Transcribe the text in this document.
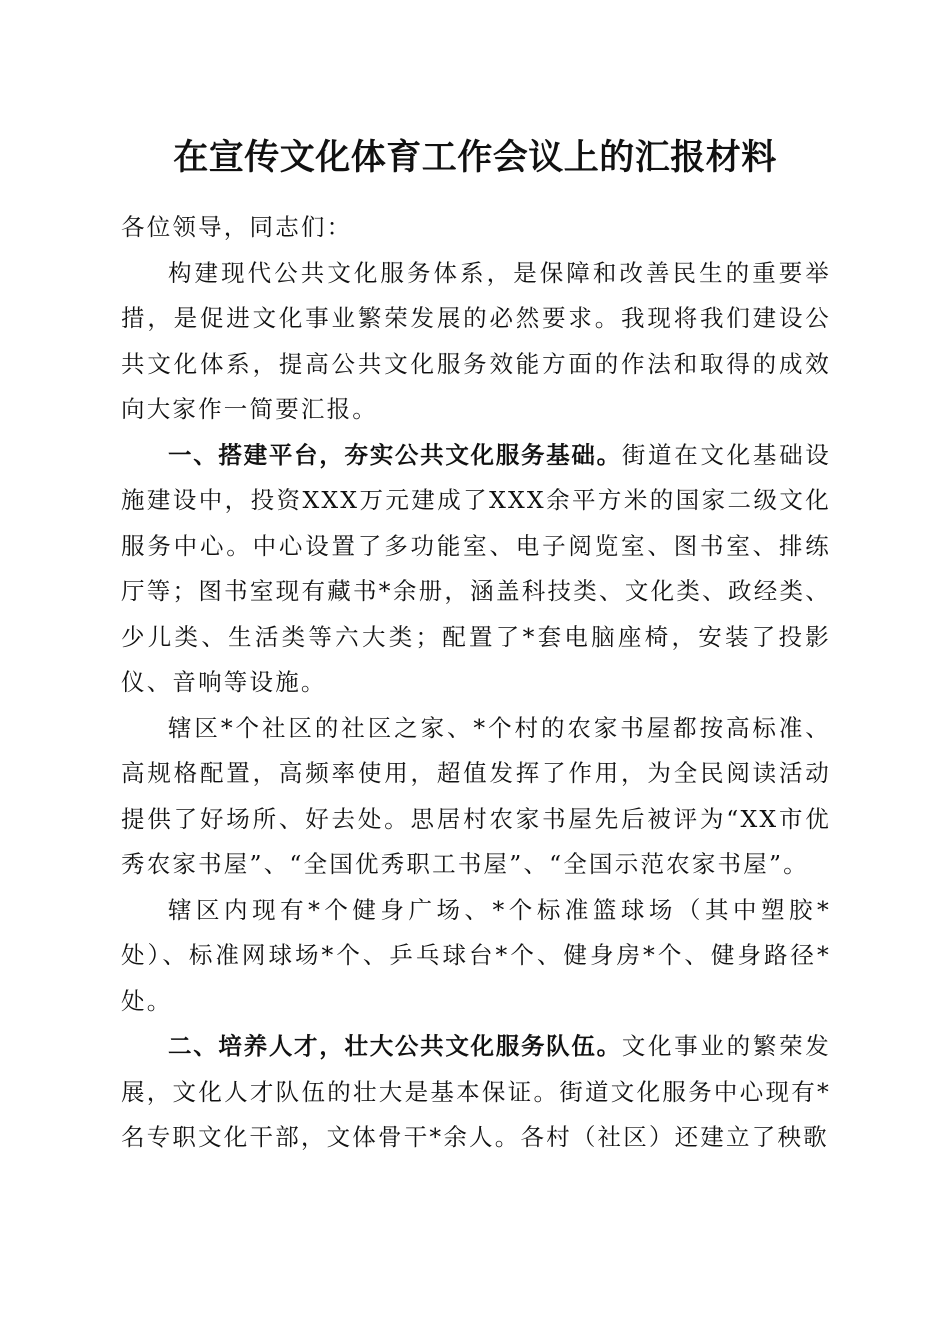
在宣传文化体育工作会议上的汇报材料

各位领导，同志们：

构建现代公共文化服务体系，是保障和改善民生的重要举措，是促进文化事业繁荣发展的必然要求。我现将我们建设公共文化体系，提高公共文化服务效能方面的作法和取得的成效向大家作一简要汇报。

一、搭建平台，夯实公共文化服务基础。街道在文化基础设施建设中，投资XXX万元建成了XXX余平方米的国家二级文化服务中心。中心设置了多功能室、电子阅览室、图书室、排练厅等；图书室现有藏书*余册，涵盖科技类、文化类、政经类、少儿类、生活类等六大类；配置了*套电脑座椅，安装了投影仪、音响等设施。

辖区*个社区的社区之家、*个村的农家书屋都按高标准、高规格配置，高频率使用，超值发挥了作用，为全民阅读活动提供了好场所、好去处。思居村农家书屋先后被评为“XX市优秀农家书屋”、“全国优秀职工书屋”、“全国示范农家书屋”。

辖区内现有*个健身广场、*个标准篮球场（其中塑胶*处）、标准网球场*个、乒乓球台*个、健身房*个、健身路径*处。

二、培养人才，壮大公共文化服务队伍。文化事业的繁荣发展，文化人才队伍的壮大是基本保证。街道文化服务中心现有*名专职文化干部，文体骨干*余人。各村（社区）还建立了秧歌
